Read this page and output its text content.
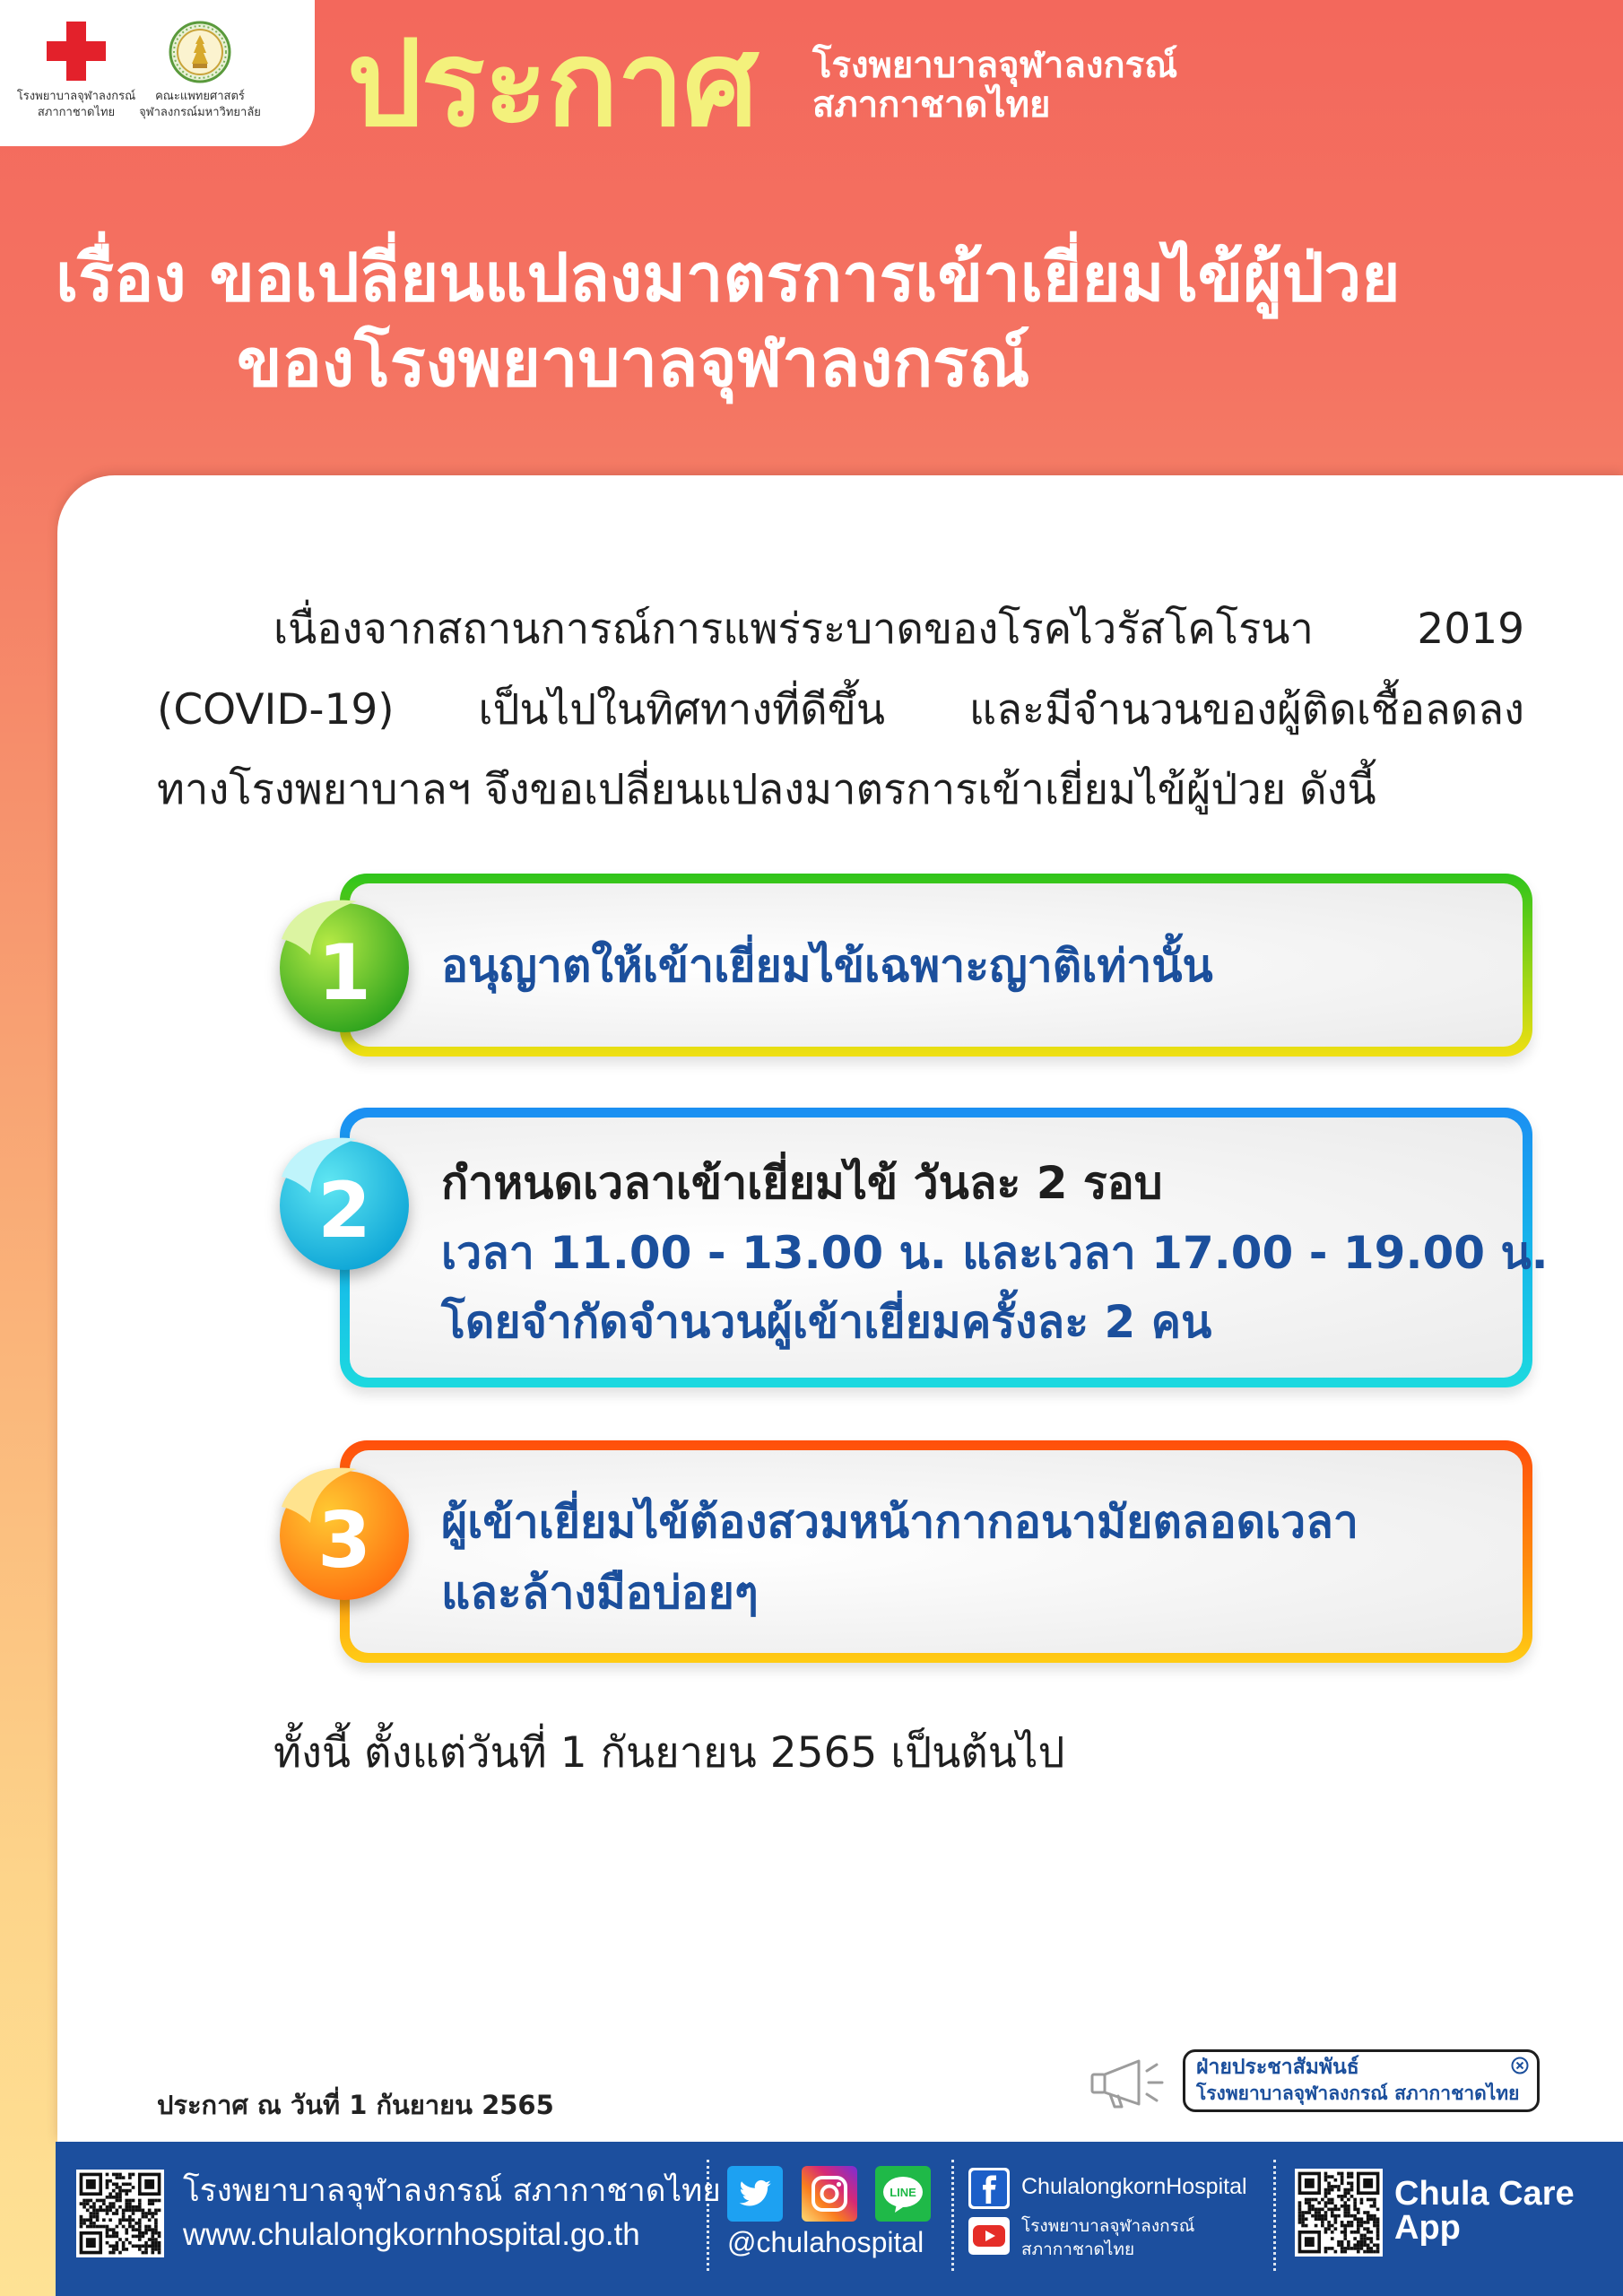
โรงพยาบาลจุฬาลงกรณ์
สภากาชาดไทย
คณะแพทยศาสตร์
จุฬาลงกรณ์มหาวิทยาลัย ประกาศ โรงพยาบาลจุฬาลงกรณ์
สภากาชาดไทย
เรื่อง ขอเปลี่ยนแปลงมาตรการเข้าเยี่ยมไข้ผู้ป่วย
ของโรงพยาบาลจุฬาลงกรณ์
เนื่องจากสถานการณ์การแพร่ระบาดของโรคไวรัสโคโรนา 2019
(COVID-19) เป็นไปในทิศทางที่ดีขึ้น และมีจำนวนของผู้ติดเชื้อลดลง
ทางโรงพยาบาลฯ จึงขอเปลี่ยนแปลงมาตรการเข้าเยี่ยมไข้ผู้ป่วย ดังนี้
1
2
3
อนุญาตให้เข้าเยี่ยมไข้เฉพาะญาติเท่านั้น
กำหนดเวลาเข้าเยี่ยมไข้ วันละ 2 รอบ
เวลา 11.00 - 13.00 น. และเวลา 17.00 - 19.00 น.
โดยจำกัดจำนวนผู้เข้าเยี่ยมครั้งละ 2 คน
ผู้เข้าเยี่ยมไข้ต้องสวมหน้ากากอนามัยตลอดเวลา
และล้างมือบ่อยๆ
ทั้งนี้ ตั้งแต่วันที่ 1 กันยายน 2565 เป็นต้นไป
ประกาศ ณ วันที่ 1 กันยายน 2565
ฝ่ายประชาสัมพันธ์
โรงพยาบาลจุฬาลงกรณ์ สภากาชาดไทย
โรงพยาบาลจุฬาลงกรณ์ สภากาชาดไทย
www.chulalongkornhospital.go.th
LINE
@chulahospital
ChulalongkornHospital
โรงพยาบาลจุฬาลงกรณ์
สภากาชาดไทย
Chula Care
App
